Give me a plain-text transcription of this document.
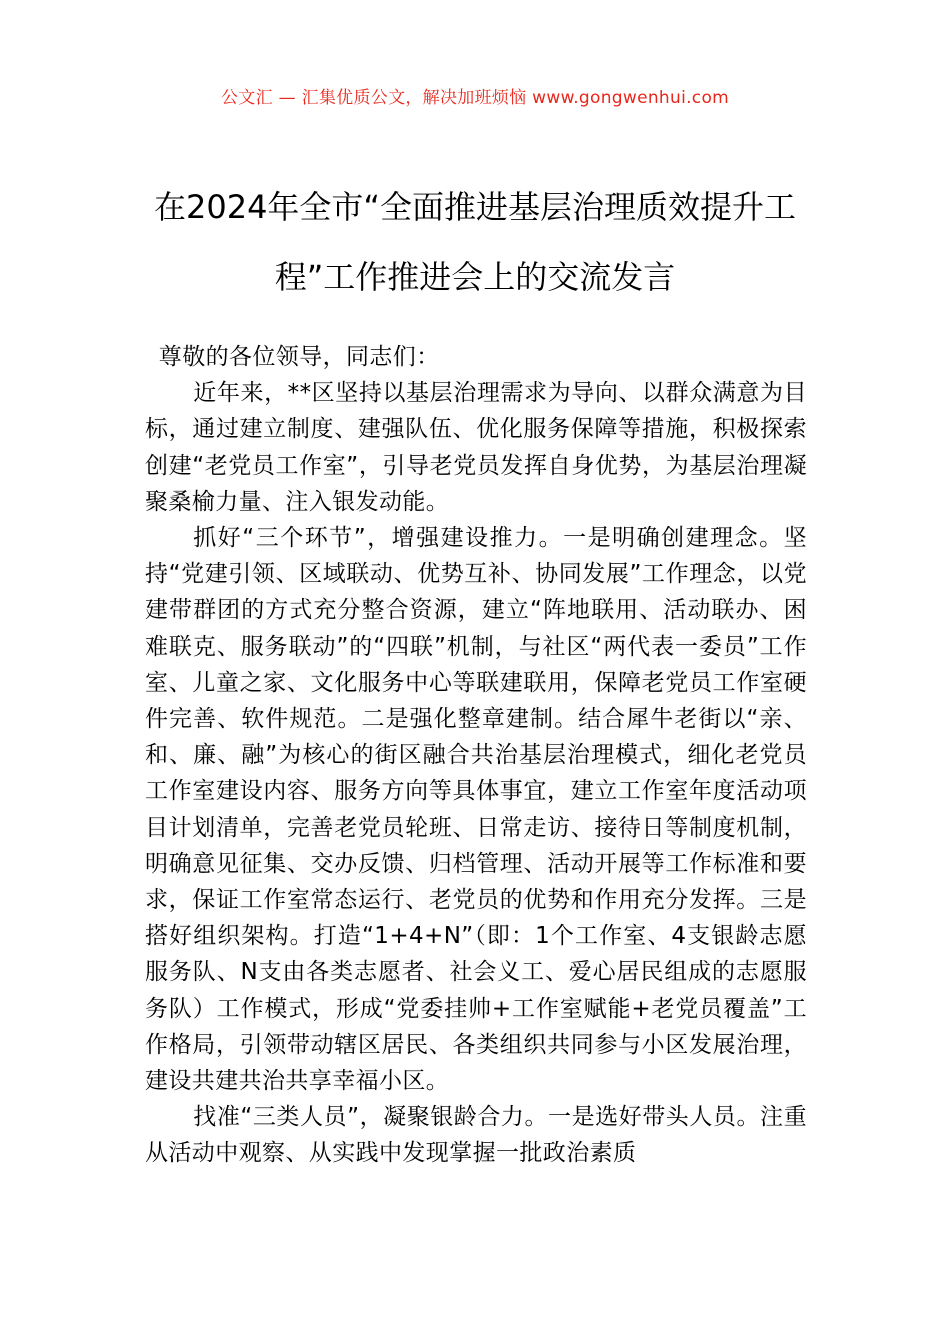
公文汇 — 汇集优质公文，解决加班烦恼 www.gongwenhui.com
在2024年全市“全面推进基层治理质效提升工程”工作推进会上的交流发言

尊敬的各位领导，同志们：

近年来，**区坚持以基层治理需求为导向、以群众满意为目标，通过建立制度、建强队伍、优化服务保障等措施，积极探索创建“老党员工作室”，引导老党员发挥自身优势，为基层治理凝聚桑榆力量、注入银发动能。

抓好“三个环节”，增强建设推力。一是明确创建理念。坚持“党建引领、区域联动、优势互补、协同发展”工作理念，以党建带群团的方式充分整合资源，建立“阵地联用、活动联办、困难联克、服务联动”的“四联”机制，与社区“两代表一委员”工作室、儿童之家、文化服务中心等联建联用，保障老党员工作室硬件完善、软件规范。二是强化整章建制。结合犀牛老街以“亲、和、廉、融”为核心的街区融合共治基层治理模式，细化老党员工作室建设内容、服务方向等具体事宜，建立工作室年度活动项目计划清单，完善老党员轮班、日常走访、接待日等制度机制，明确意见征集、交办反馈、归档管理、活动开展等工作标准和要求，保证工作室常态运行、老党员的优势和作用充分发挥。三是搭好组织架构。打造“1+4+N”（即：1个工作室、4支银龄志愿服务队、N支由各类志愿者、社会义工、爱心居民组成的志愿服务队）工作模式，形成“党委挂帅+工作室赋能+老党员覆盖”工作格局，引领带动辖区居民、各类组织共同参与小区发展治理，建设共建共治共享幸福小区。

找准“三类人员”，凝聚银龄合力。一是选好带头人员。注重从活动中观察、从实践中发现掌握一批政治素质
